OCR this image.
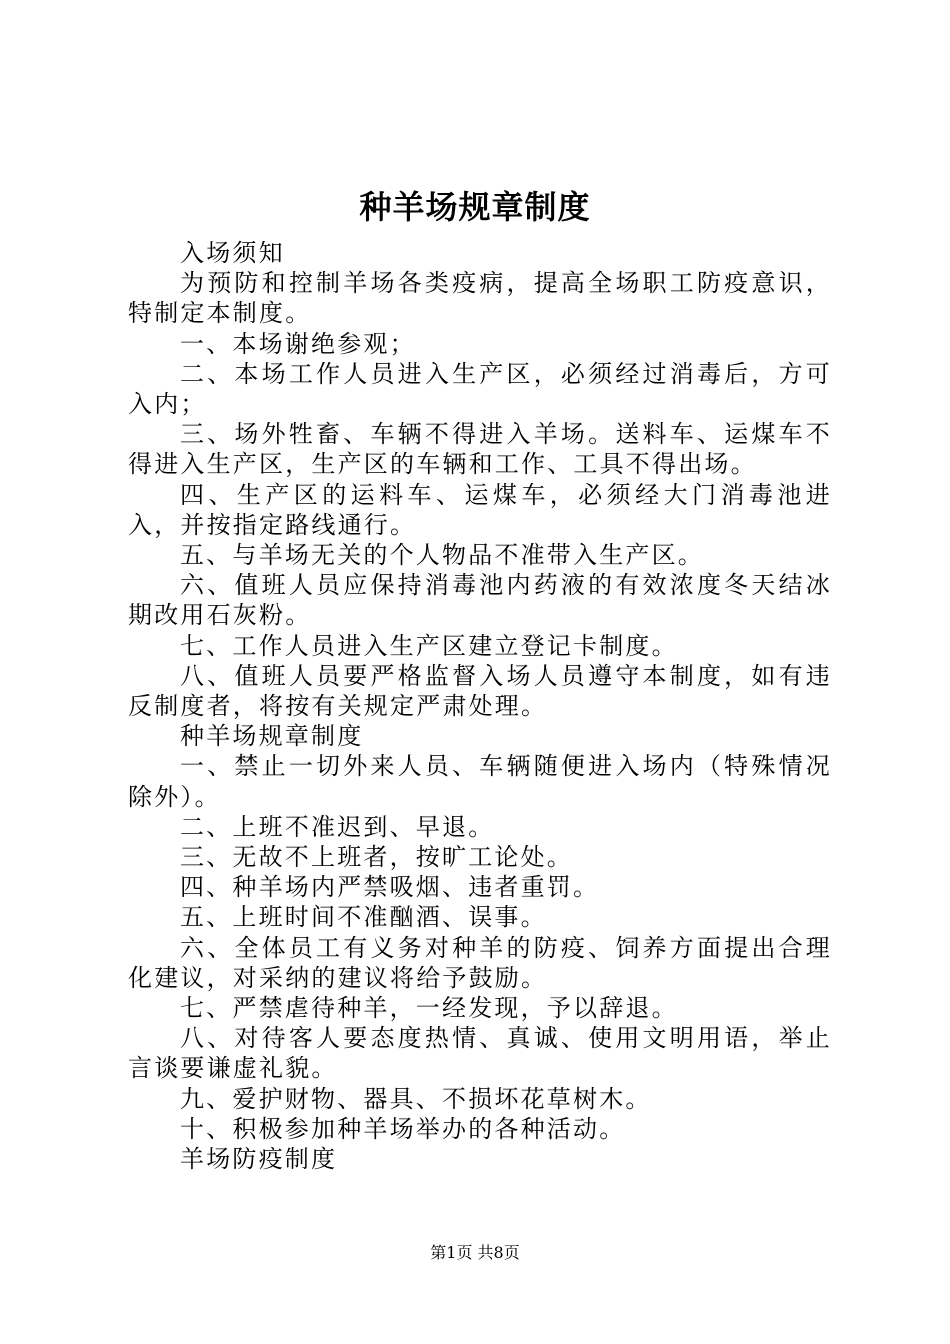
种羊场规章制度

入场须知

为预防和控制羊场各类疫病，提高全场职工防疫意识，特制定本制度。

一、本场谢绝参观；

二、本场工作人员进入生产区，必须经过消毒后，方可入内；

三、场外牲畜、车辆不得进入羊场。送料车、运煤车不得进入生产区，生产区的车辆和工作、工具不得出场。

四、生产区的运料车、运煤车，必须经大门消毒池进入，并按指定路线通行。

五、与羊场无关的个人物品不准带入生产区。

六、值班人员应保持消毒池内药液的有效浓度冬天结冰期改用石灰粉。

七、工作人员进入生产区建立登记卡制度。

八、值班人员要严格监督入场人员遵守本制度，如有违反制度者，将按有关规定严肃处理。

种羊场规章制度

一、禁止一切外来人员、车辆随便进入场内（特殊情况除外）。

二、上班不准迟到、早退。

三、无故不上班者，按旷工论处。

四、种羊场内严禁吸烟、违者重罚。

五、上班时间不准酗酒、误事。

六、全体员工有义务对种羊的防疫、饲养方面提出合理化建议，对采纳的建议将给予鼓励。

七、严禁虐待种羊，一经发现，予以辞退。

八、对待客人要态度热情、真诚、使用文明用语，举止言谈要谦虚礼貌。

九、爱护财物、器具、不损坏花草树木。

十、积极参加种羊场举办的各种活动。

羊场防疫制度

第1页 共8页
